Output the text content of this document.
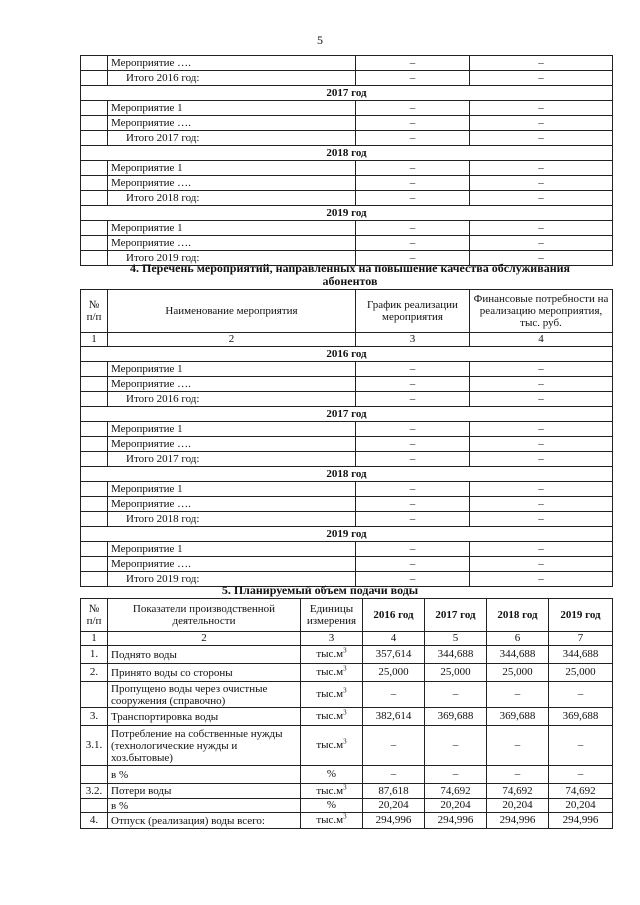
5
	Мероприятие ….	–	–
	Итого 2016 год:	–	–
2017 год			
	Мероприятие 1	–	–
	Мероприятие ….	–	–
	Итого 2017 год:	–	–
2018 год			
	Мероприятие 1	–	–
	Мероприятие ….	–	–
	Итого 2018 год:	–	–
2019 год			
	Мероприятие 1	–	–
	Мероприятие ….	–	–
	Итого 2019 год:	–	–
4. Перечень мероприятий, направленных на повышение качества обслуживания абонентов
№ п/п	Наименование мероприятия	График реализации мероприятия	Финансовые потребности на реализацию мероприятия, тыс. руб.
1	2	3	4
2016 год			
	Мероприятие 1	–	–
	Мероприятие ….	–	–
	Итого 2016 год:	–	–
2017 год			
	Мероприятие 1	–	–
	Мероприятие ….	–	–
	Итого 2017 год:	–	–
2018 год			
	Мероприятие 1	–	–
	Мероприятие ….	–	–
	Итого 2018 год:	–	–
2019 год			
	Мероприятие 1	–	–
	Мероприятие ….	–	–
	Итого 2019 год:	–	–
5. Планируемый объем подачи воды
№ п/п	Показатели производственной деятельности	Единицы измерения	2016 год	2017 год	2018 год	2019 год
1	2	3	4	5	6	7
1.	Поднято воды	$тыс.м^3$	357,614	344,688	344,688	344,688
2.	Принято воды со стороны	$тыс.м^3$	25,000	25,000	25,000	25,000
	Пропущено воды через очистные сооружения (справочно)	$тыс.м^3$	–	–	–	–
3.	Транспортировка воды	$тыс.м^3$	382,614	369,688	369,688	369,688
3.1.	Потребление на собственные нужды (технологические нужды и хоз.бытовые)	$тыс.м^3$	–	–	–	–
	в %	%	–	–	–	–
3.2.	Потери воды	$тыс.м^3$	87,618	74,692	74,692	74,692
	в %	%	20,204	20,204	20,204	20,204
4.	Отпуск (реализация) воды всего:	$тыс.м^3$	294,996	294,996	294,996	294,996
